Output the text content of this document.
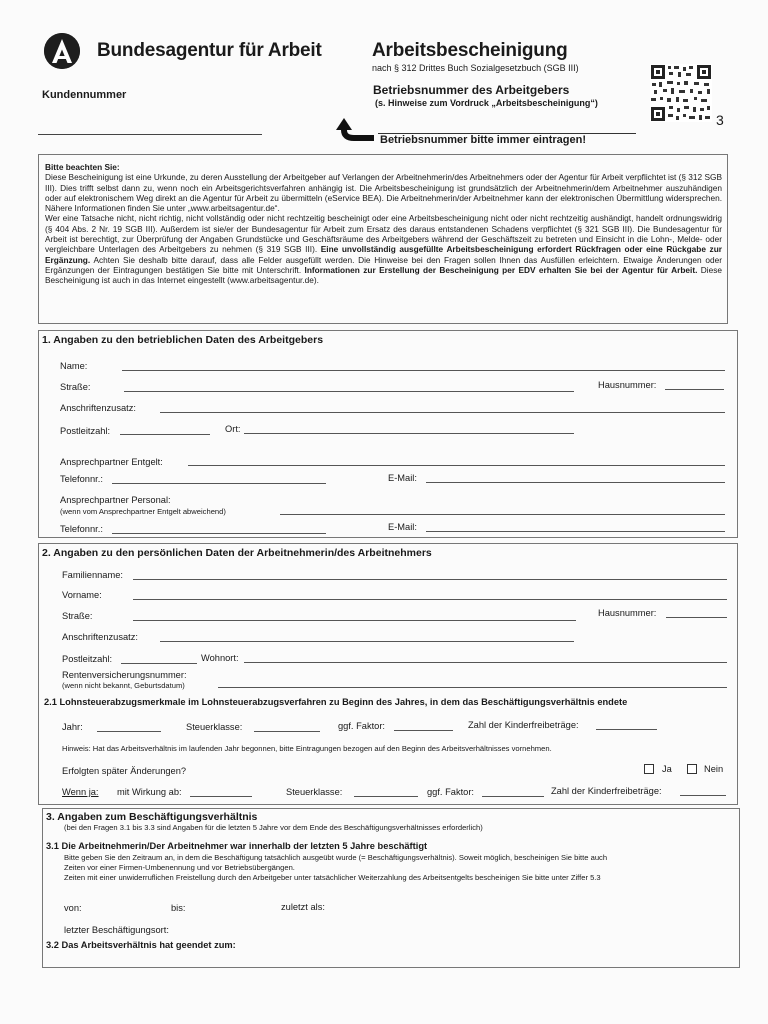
Bundesagentur für Arbeit
Kundennummer
Arbeitsbescheinigung
nach § 312 Drittes Buch Sozialgesetzbuch (SGB III)
Betriebsnummer des Arbeitgebers
(s. Hinweise zum Vordruck „Arbeitsbescheinigung“)
3
Betriebsnummer bitte immer eintragen!
Bitte beachten Sie:

Diese Bescheinigung ist eine Urkunde, zu deren Ausstellung der Arbeitgeber auf Verlangen der Arbeitnehmerin/des Arbeitnehmers oder der Agentur für Arbeit verpflichtet ist (§ 312 SGB III). Dies trifft selbst dann zu, wenn noch ein Arbeitsgerichtsverfahren anhängig ist. Die Arbeitsbescheinigung ist grundsätzlich der Arbeitnehmerin/dem Arbeitnehmer auszuhändigen oder auf elektronischem Weg direkt an die Agentur für Arbeit zu übermitteln (eService BEA). Die Arbeitnehmerin/der Arbeitnehmer kann der elektronischen Übermittlung widersprechen. Nähere Informationen finden Sie unter „www.arbeitsagentur.de“.

Wer eine Tatsache nicht, nicht richtig, nicht vollständig oder nicht rechtzeitig bescheinigt oder eine Arbeitsbescheinigung nicht oder nicht rechtzeitig aushändigt, handelt ordnungswidrig (§ 404 Abs. 2 Nr. 19 SGB III). Außerdem ist sie/er der Bundesagentur für Arbeit zum Ersatz des daraus entstandenen Schadens verpflichtet (§ 321 SGB III). Die Bundesagentur für Arbeit ist berechtigt, zur Überprüfung der Angaben Grundstücke und Geschäftsräume des Arbeitgebers während der Geschäftszeit zu betreten und Einsicht in die Lohn-, Melde- oder vergleichbare Unterlagen des Arbeitgebers zu nehmen (§ 319 SGB III). Eine unvollständig ausgefüllte Arbeitsbescheinigung erfordert Rückfragen oder eine Rückgabe zur Ergänzung. Achten Sie deshalb bitte darauf, dass alle Felder ausgefüllt werden. Die Hinweise bei den Fragen sollen Ihnen das Ausfüllen erleichtern. Etwaige Änderungen oder Ergänzungen der Eintragungen bestätigen Sie bitte mit Unterschrift. Informationen zur Erstellung der Bescheinigung per EDV erhalten Sie bei der Agentur für Arbeit. Diese Bescheinigung ist auch in das Internet eingestellt (www.arbeitsagentur.de).

1. Angaben zu den betrieblichen Daten des Arbeitgebers
Name:
Straße:	Hausnummer:
Anschriftenzusatz:
Postleitzahl:	Ort:
Ansprechpartner Entgelt:
Telefonnr.:	E-Mail:
Ansprechpartner Personal:
(wenn vom Ansprechpartner Entgelt abweichend)
Telefonnr.:	E-Mail:
2. Angaben zu den persönlichen Daten der Arbeitnehmerin/des Arbeitnehmers
Familienname:
Vorname:
Straße:	Hausnummer:
Anschriftenzusatz:
Postleitzahl:	Wohnort:
Rentenversicherungsnummer:
(wenn nicht bekannt, Geburtsdatum)
2.1 Lohnsteuerabzugsmerkmale im Lohnsteuerabzugsverfahren zu Beginn des Jahres, in dem das Beschäftigungsverhältnis endete
Jahr:	Steuerklasse:	ggf. Faktor:	Zahl der Kinderfreibeträge:
Hinweis: Hat das Arbeitsverhältnis im laufenden Jahr begonnen, bitte Eintragungen bezogen auf den Beginn des Arbeitsverhältnisses vornehmen.
Erfolgten später Änderungen?	Ja	Nein
Wenn ja: mit Wirkung ab:	Steuerklasse:	ggf. Faktor:	Zahl der Kinderfreibeträge:
3. Angaben zum Beschäftigungsverhältnis
(bei den Fragen 3.1 bis 3.3 sind Angaben für die letzten 5 Jahre vor dem Ende des Beschäftigungsverhältnisses erforderlich)
3.1 Die Arbeitnehmerin/Der Arbeitnehmer war innerhalb der letzten 5 Jahre beschäftigt
Bitte geben Sie den Zeitraum an, in dem die Beschäftigung tatsächlich ausgeübt wurde (= Beschäftigungsverhältnis). Soweit möglich, bescheinigen Sie bitte auch
Zeiten vor einer Firmen-Umbenennung und vor Betriebsübergängen.
Zeiten mit einer unwiderruflichen Freistellung durch den Arbeitgeber unter tatsächlicher Weiterzahlung des Arbeitsentgelts bescheinigen Sie bitte unter Ziffer 5.3
von:	bis:	zuletzt als:
letzter Beschäftigungsort:
3.2 Das Arbeitsverhältnis hat geendet zum:
